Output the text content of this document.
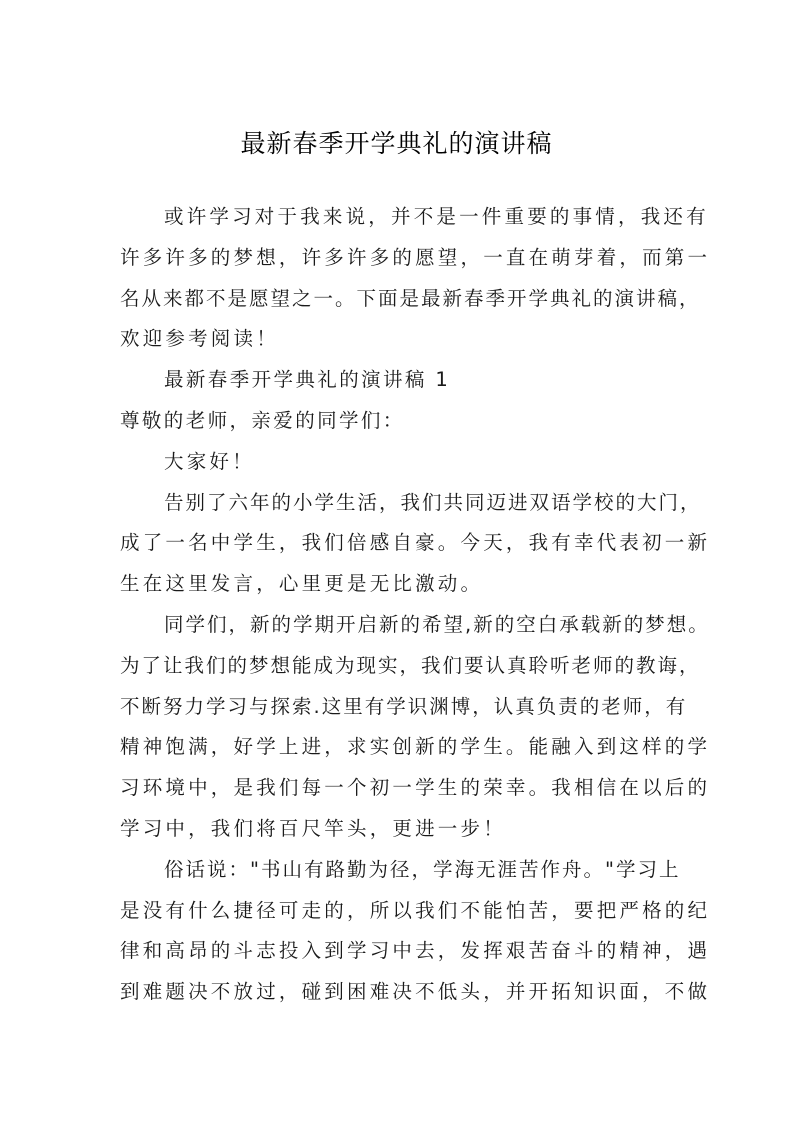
最新春季开学典礼的演讲稿
或许学习对于我来说，并不是一件重要的事情，我还有
许多许多的梦想，许多许多的愿望，一直在萌芽着，而第一
名从来都不是愿望之一。下面是最新春季开学典礼的演讲稿，
欢迎参考阅读！
最新春季开学典礼的演讲稿 1
尊敬的老师，亲爱的同学们：
大家好！
告别了六年的小学生活，我们共同迈进双语学校的大门，
成了一名中学生，我们倍感自豪。今天，我有幸代表初一新
生在这里发言，心里更是无比激动。
同学们，新的学期开启新的希望,新的空白承载新的梦想。
为了让我们的梦想能成为现实，我们要认真聆听老师的教诲，
不断努力学习与探索.这里有学识渊博，认真负责的老师，有
精神饱满，好学上进，求实创新的学生。能融入到这样的学
习环境中，是我们每一个初一学生的荣幸。我相信在以后的
学习中，我们将百尺竿头，更进一步！
俗话说："书山有路勤为径，学海无涯苦作舟。"学习上
是没有什么捷径可走的，所以我们不能怕苦，要把严格的纪
律和高昂的斗志投入到学习中去，发挥艰苦奋斗的精神，遇
到难题决不放过，碰到困难决不低头，并开拓知识面，不做
